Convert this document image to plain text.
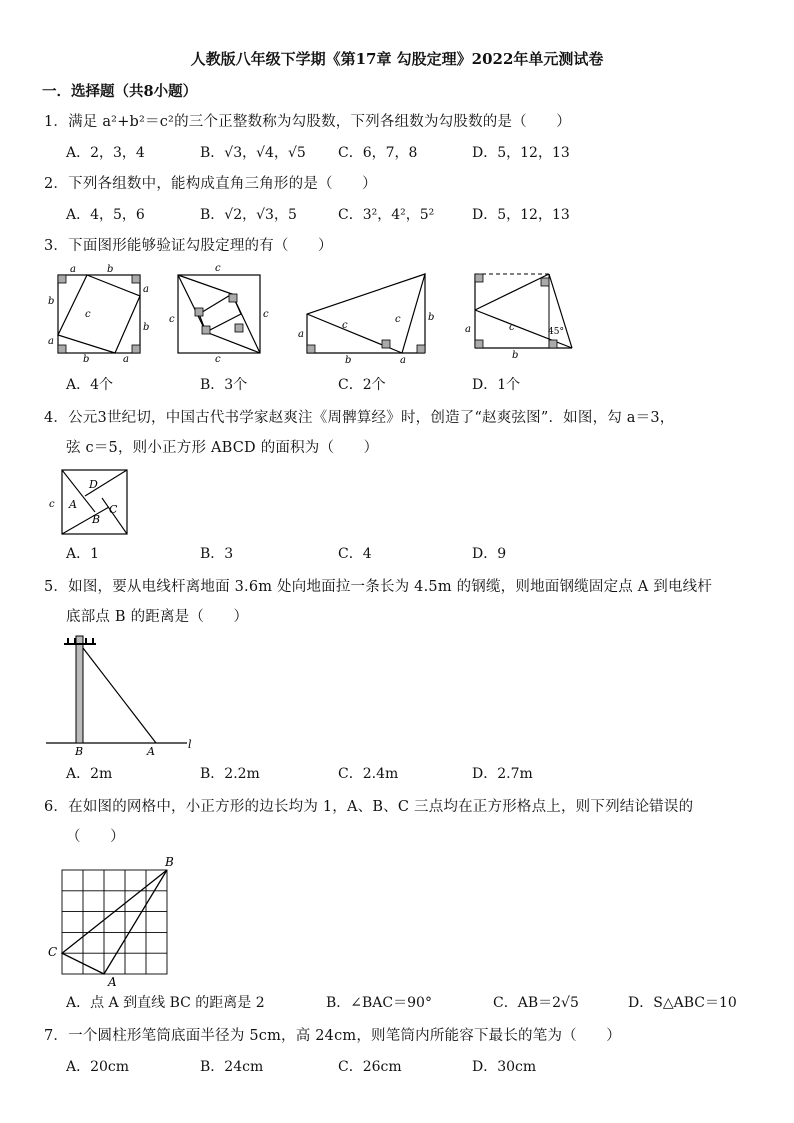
人教版八年级下学期《第17章 勾股定理》2022年单元测试卷
一．选择题（共8小题）
1．满足 a²+b²＝c²的三个正整数称为勾股数，下列各组数为勾股数的是（　　）
A．2，3，4	B．√3，√4，√5 C．6，7，8	D．5，12，13
2．下列各组数中，能构成直角三角形的是（　　）
A．4，5，6	B．√2，√3，5	C．3²，4²，5²	D．5，12，13
3．下面图形能够验证勾股定理的有（　　）
a	b
a
b
b
a
b	a
c
c
c
c
c
a
b
c
c
a
b
a
b
c	45°
A．4个	B．3个	C．2个	D．1个
4．公元3世纪切，中国古代书学家赵爽注《周髀算经》时，创造了“赵爽弦图”．如图，勾 a＝3，
弦 c＝5，则小正方形 ABCD 的面积为（　　）
c
D
A
B
C
A．1	B．3	C．4	D．9
5．如图，要从电线杆离地面 3.6m 处向地面拉一条长为 4.5m 的钢缆，则地面钢缆固定点 A 到电线杆
底部点 B 的距离是（　　）
B	A
l
A．2m	B．2.2m	C．2.4m	D．2.7m
6．在如图的网格中，小正方形的边长均为 1，A、B、C 三点均在正方形格点上，则下列结论错误的
（　　）
B
C
A
A．点 A 到直线 BC 的距离是 2	B．∠BAC＝90°	C．AB＝2√5	D．S△ABC＝10
7．一个圆柱形笔筒底面半径为 5cm，高 24cm，则笔筒内所能容下最长的笔为（　　）
A．20cm	B．24cm	C．26cm	D．30cm
